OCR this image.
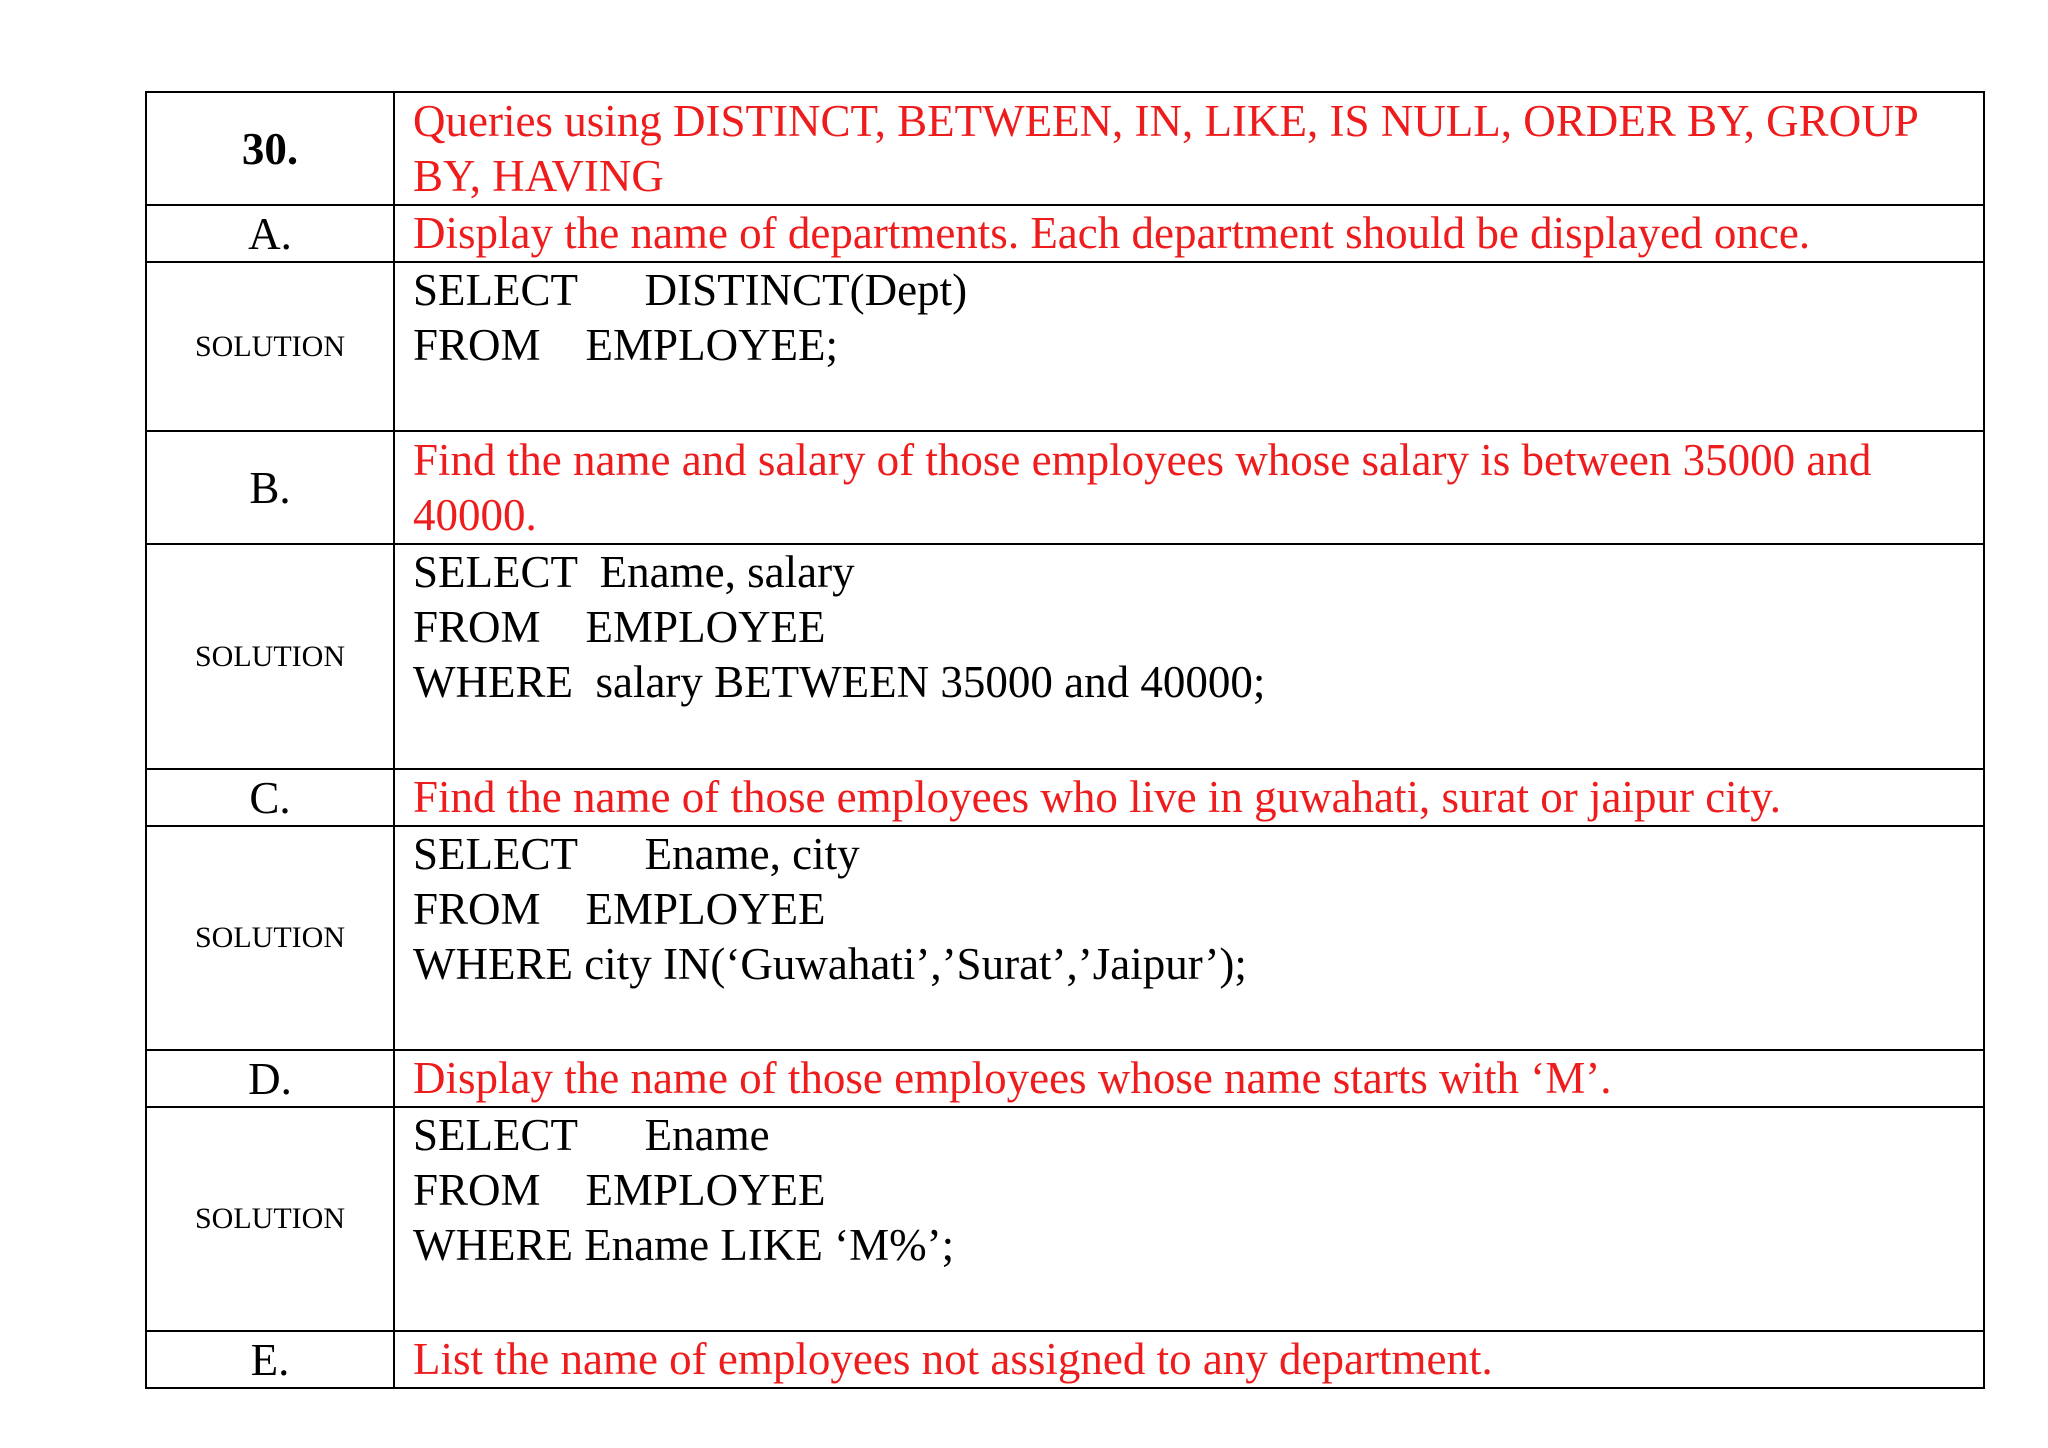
30.	Queries using DISTINCT, BETWEEN, IN, LIKE, IS NULL, ORDER BY, GROUP BY, HAVING
A.	Display the name of departments. Each department should be displayed once.
SOLUTION	SELECT      DISTINCT(Dept)
FROM    EMPLOYEE;

B.	Find the name and salary of those employees whose salary is between 35000 and 40000.
SOLUTION	SELECT  Ename, salary
FROM    EMPLOYEE
WHERE  salary BETWEEN 35000 and 40000;

C.	Find the name of those employees who live in guwahati, surat or jaipur city.
SOLUTION	SELECT      Ename, city
FROM    EMPLOYEE
WHERE city IN(‘Guwahati’,’Surat’,’Jaipur’);

D.	Display the name of those employees whose name starts with ‘M’.
SOLUTION	SELECT      Ename
FROM    EMPLOYEE
WHERE Ename LIKE ‘M%’;

E.	List the name of employees not assigned to any department.
